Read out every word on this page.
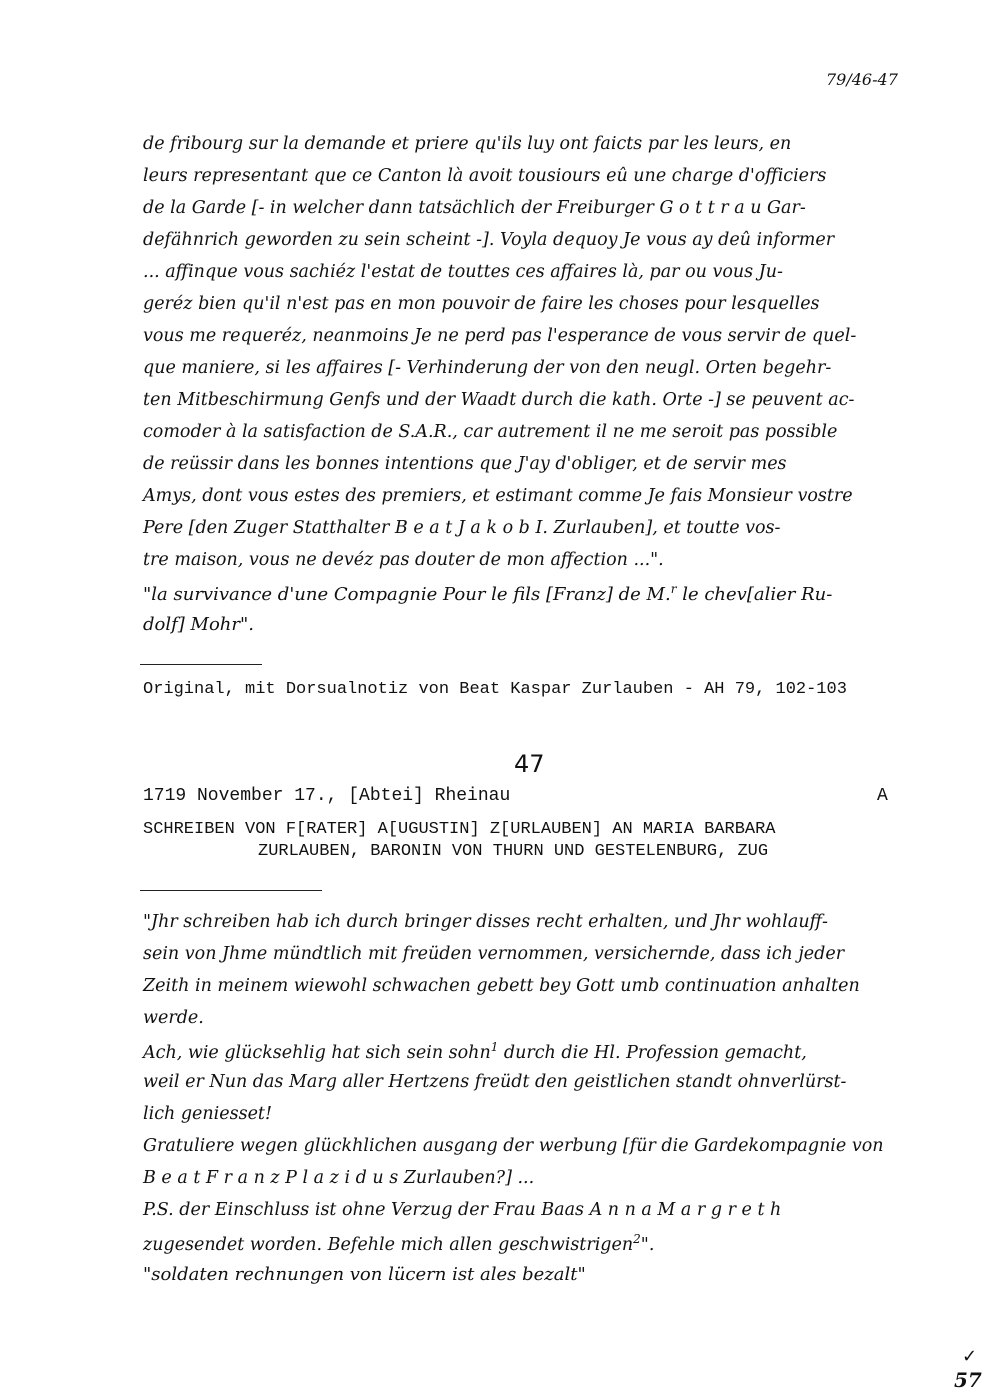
79/46-47
de fribourg sur la demande et priere qu'ils luy ont faicts par les leurs, en
leurs representant que ce Canton là avoit tousiours eû une charge d'officiers
de la Garde [- in welcher dann tatsächlich der Freiburger G o t t r a u Gar-
defähnrich geworden zu sein scheint -]. Voyla dequoy Je vous ay deû informer
... affinque vous sachiéz l'estat de touttes ces affaires là, par ou vous Ju-
geréz bien qu'il n'est pas en mon pouvoir de faire les choses pour lesquelles
vous me requeréz, neanmoins Je ne perd pas l'esperance de vous servir de quel-
que maniere, si les affaires [- Verhinderung der von den neugl. Orten begehr-
ten Mitbeschirmung Genfs und der Waadt durch die kath. Orte -] se peuvent ac-
comoder à la satisfaction de S.A.R., car autrement il ne me seroit pas possible
de reüssir dans les bonnes intentions que J'ay d'obliger, et de servir mes
Amys, dont vous estes des premiers, et estimant comme Je fais Monsieur vostre
Pere [den Zuger Statthalter B e a t J a k o b I. Zurlauben], et toutte vos-
tre maison, vous ne devéz pas douter de mon affection ...".
"la survivance d'une Compagnie Pour le fils [Franz] de M.$^r$ le chev[alier Ru-
dolf] Mohr".
Original, mit Dorsualnotiz von Beat Kaspar Zurlauben - AH 79, 102-103
47
1719 November 17., [Abtei] Rheinau	A
SCHREIBEN VON F[RATER] A[UGUSTIN] Z[URLAUBEN] AN MARIA BARBARA
ZURLAUBEN, BARONIN VON THURN UND GESTELENBURG, ZUG
"Jhr schreiben hab ich durch bringer disses recht erhalten, und Jhr wohlauff-
sein von Jhme mündtlich mit freüden vernommen, versichernde, dass ich jeder
Zeith in meinem wiewohl schwachen gebett bey Gott umb continuation anhalten
werde.
Ach, wie glücksehlig hat sich sein sohn$^1$ durch die Hl. Profession gemacht,
weil er Nun das Marg aller Hertzens freüdt den geistlichen standt ohnverlürst-
lich geniesset!
Gratuliere wegen glückhlichen ausgang der werbung [für die Gardekompagnie von
B e a t F r a n z P l a z i d u s Zurlauben?] ...
P.S. der Einschluss ist ohne Verzug der Frau Baas A n n a M a r g r e t h
zugesendet worden. Befehle mich allen geschwistrigen$^2$".
"soldaten rechnungen von lücern ist ales bezalt"
✓
57
